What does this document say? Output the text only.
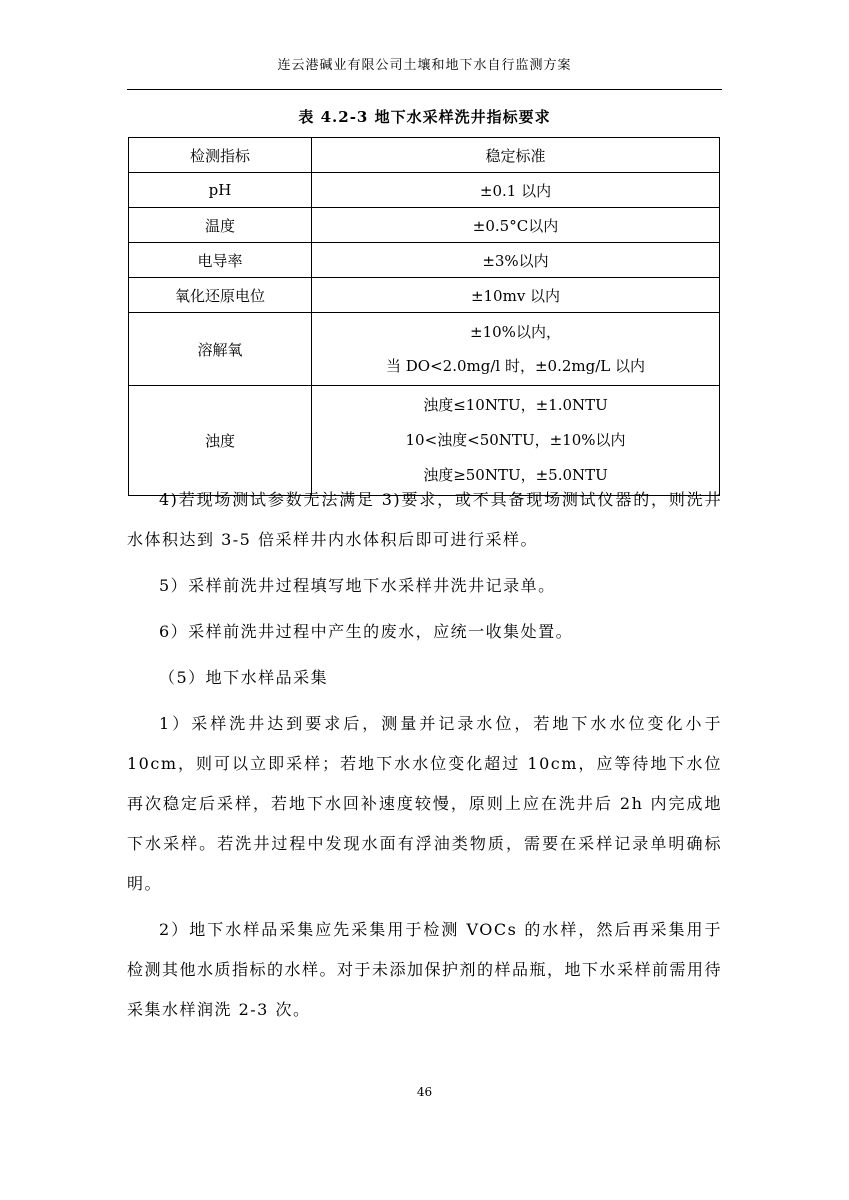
连云港碱业有限公司土壤和地下水自行监测方案
表 4.2-3 地下水采样洗井指标要求
检测指标	稳定标准
pH	±0.1 以内
温度	±0.5°C以内
电导率	±3%以内
氧化还原电位	±10mv 以内
溶解氧	±10%以内，
当 DO<2.0mg/l 时，±0.2mg/L 以内

浊度	浊度≤10NTU，±1.0NTU
10<浊度<50NTU，±10%以内
浊度≥50NTU，±5.0NTU

4)若现场测试参数无法满足 3)要求，或不具备现场测试仪器的，则洗井水体积达到 3-5 倍采样井内水体积后即可进行采样。

5）采样前洗井过程填写地下水采样井洗井记录单。

6）采样前洗井过程中产生的废水，应统一收集处置。

（5）地下水样品采集

1）采样洗井达到要求后，测量并记录水位，若地下水水位变化小于 10cm，则可以立即采样；若地下水水位变化超过 10cm，应等待地下水位再次稳定后采样，若地下水回补速度较慢，原则上应在洗井后 2h 内完成地下水采样。若洗井过程中发现水面有浮油类物质，需要在采样记录单明确标明。

2）地下水样品采集应先采集用于检测 VOCs 的水样，然后再采集用于检测其他水质指标的水样。对于未添加保护剂的样品瓶，地下水采样前需用待采集水样润洗 2-3 次。

46
